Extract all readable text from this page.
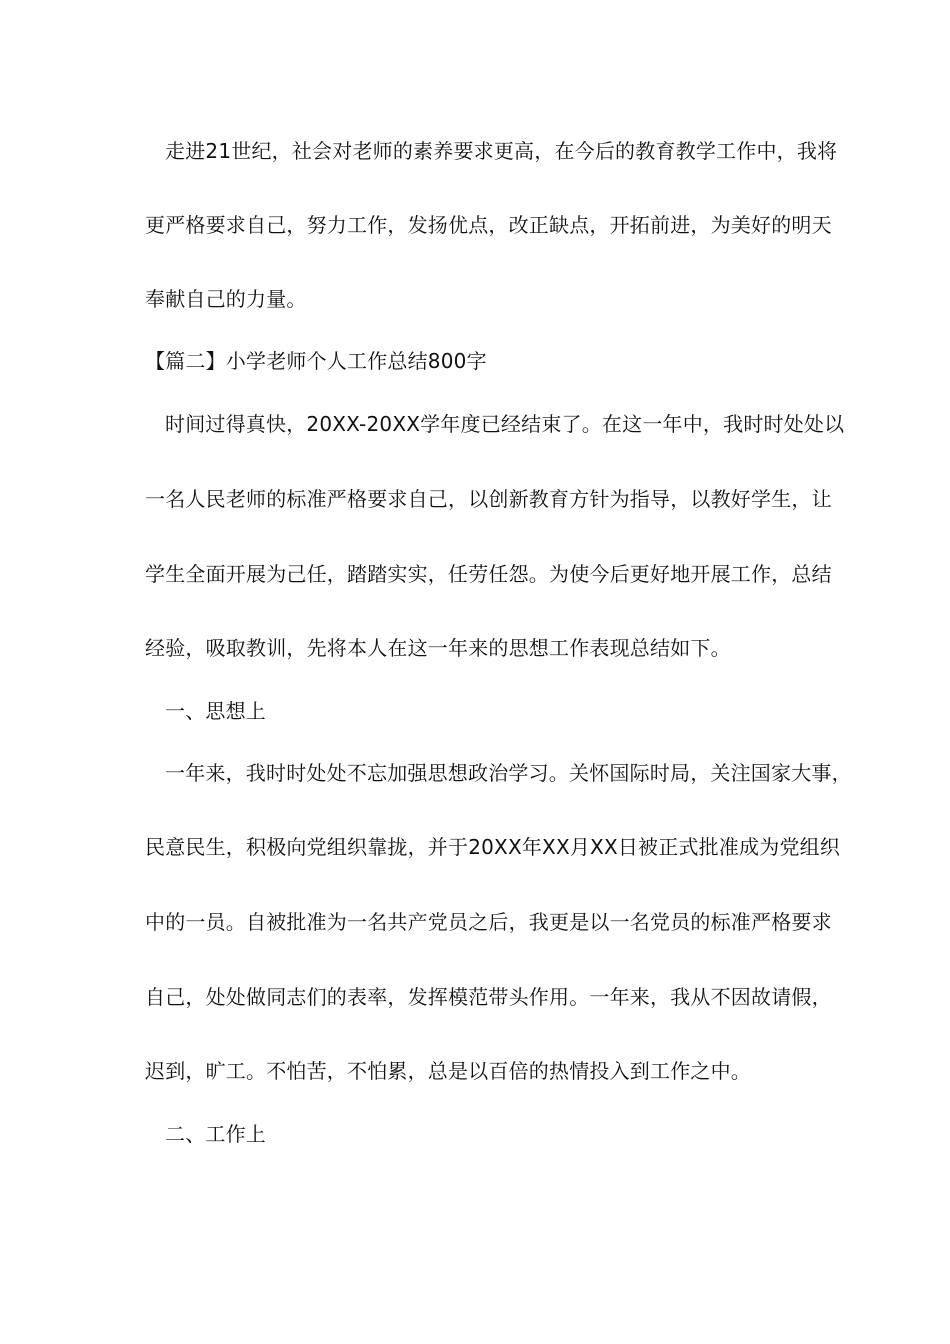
走进21世纪，社会对老师的素养要求更高，在今后的教育教学工作中，我将
更严格要求自己，努力工作，发扬优点，改正缺点，开拓前进，为美好的明天
奉献自己的力量。
【篇二】小学老师个人工作总结800字
时间过得真快，20XX-20XX学年度已经结束了。在这一年中，我时时处处以
一名人民老师的标准严格要求自己，以创新教育方针为指导，以教好学生，让
学生全面开展为己任，踏踏实实，任劳任怨。为使今后更好地开展工作，总结
经验，吸取教训，先将本人在这一年来的思想工作表现总结如下。
一、思想上
一年来，我时时处处不忘加强思想政治学习。关怀国际时局，关注国家大事，
民意民生，积极向党组织靠拢，并于20XX年XX月XX日被正式批准成为党组织
中的一员。自被批准为一名共产党员之后，我更是以一名党员的标准严格要求
自己，处处做同志们的表率，发挥模范带头作用。一年来，我从不因故请假，
迟到，旷工。不怕苦，不怕累，总是以百倍的热情投入到工作之中。
二、工作上
